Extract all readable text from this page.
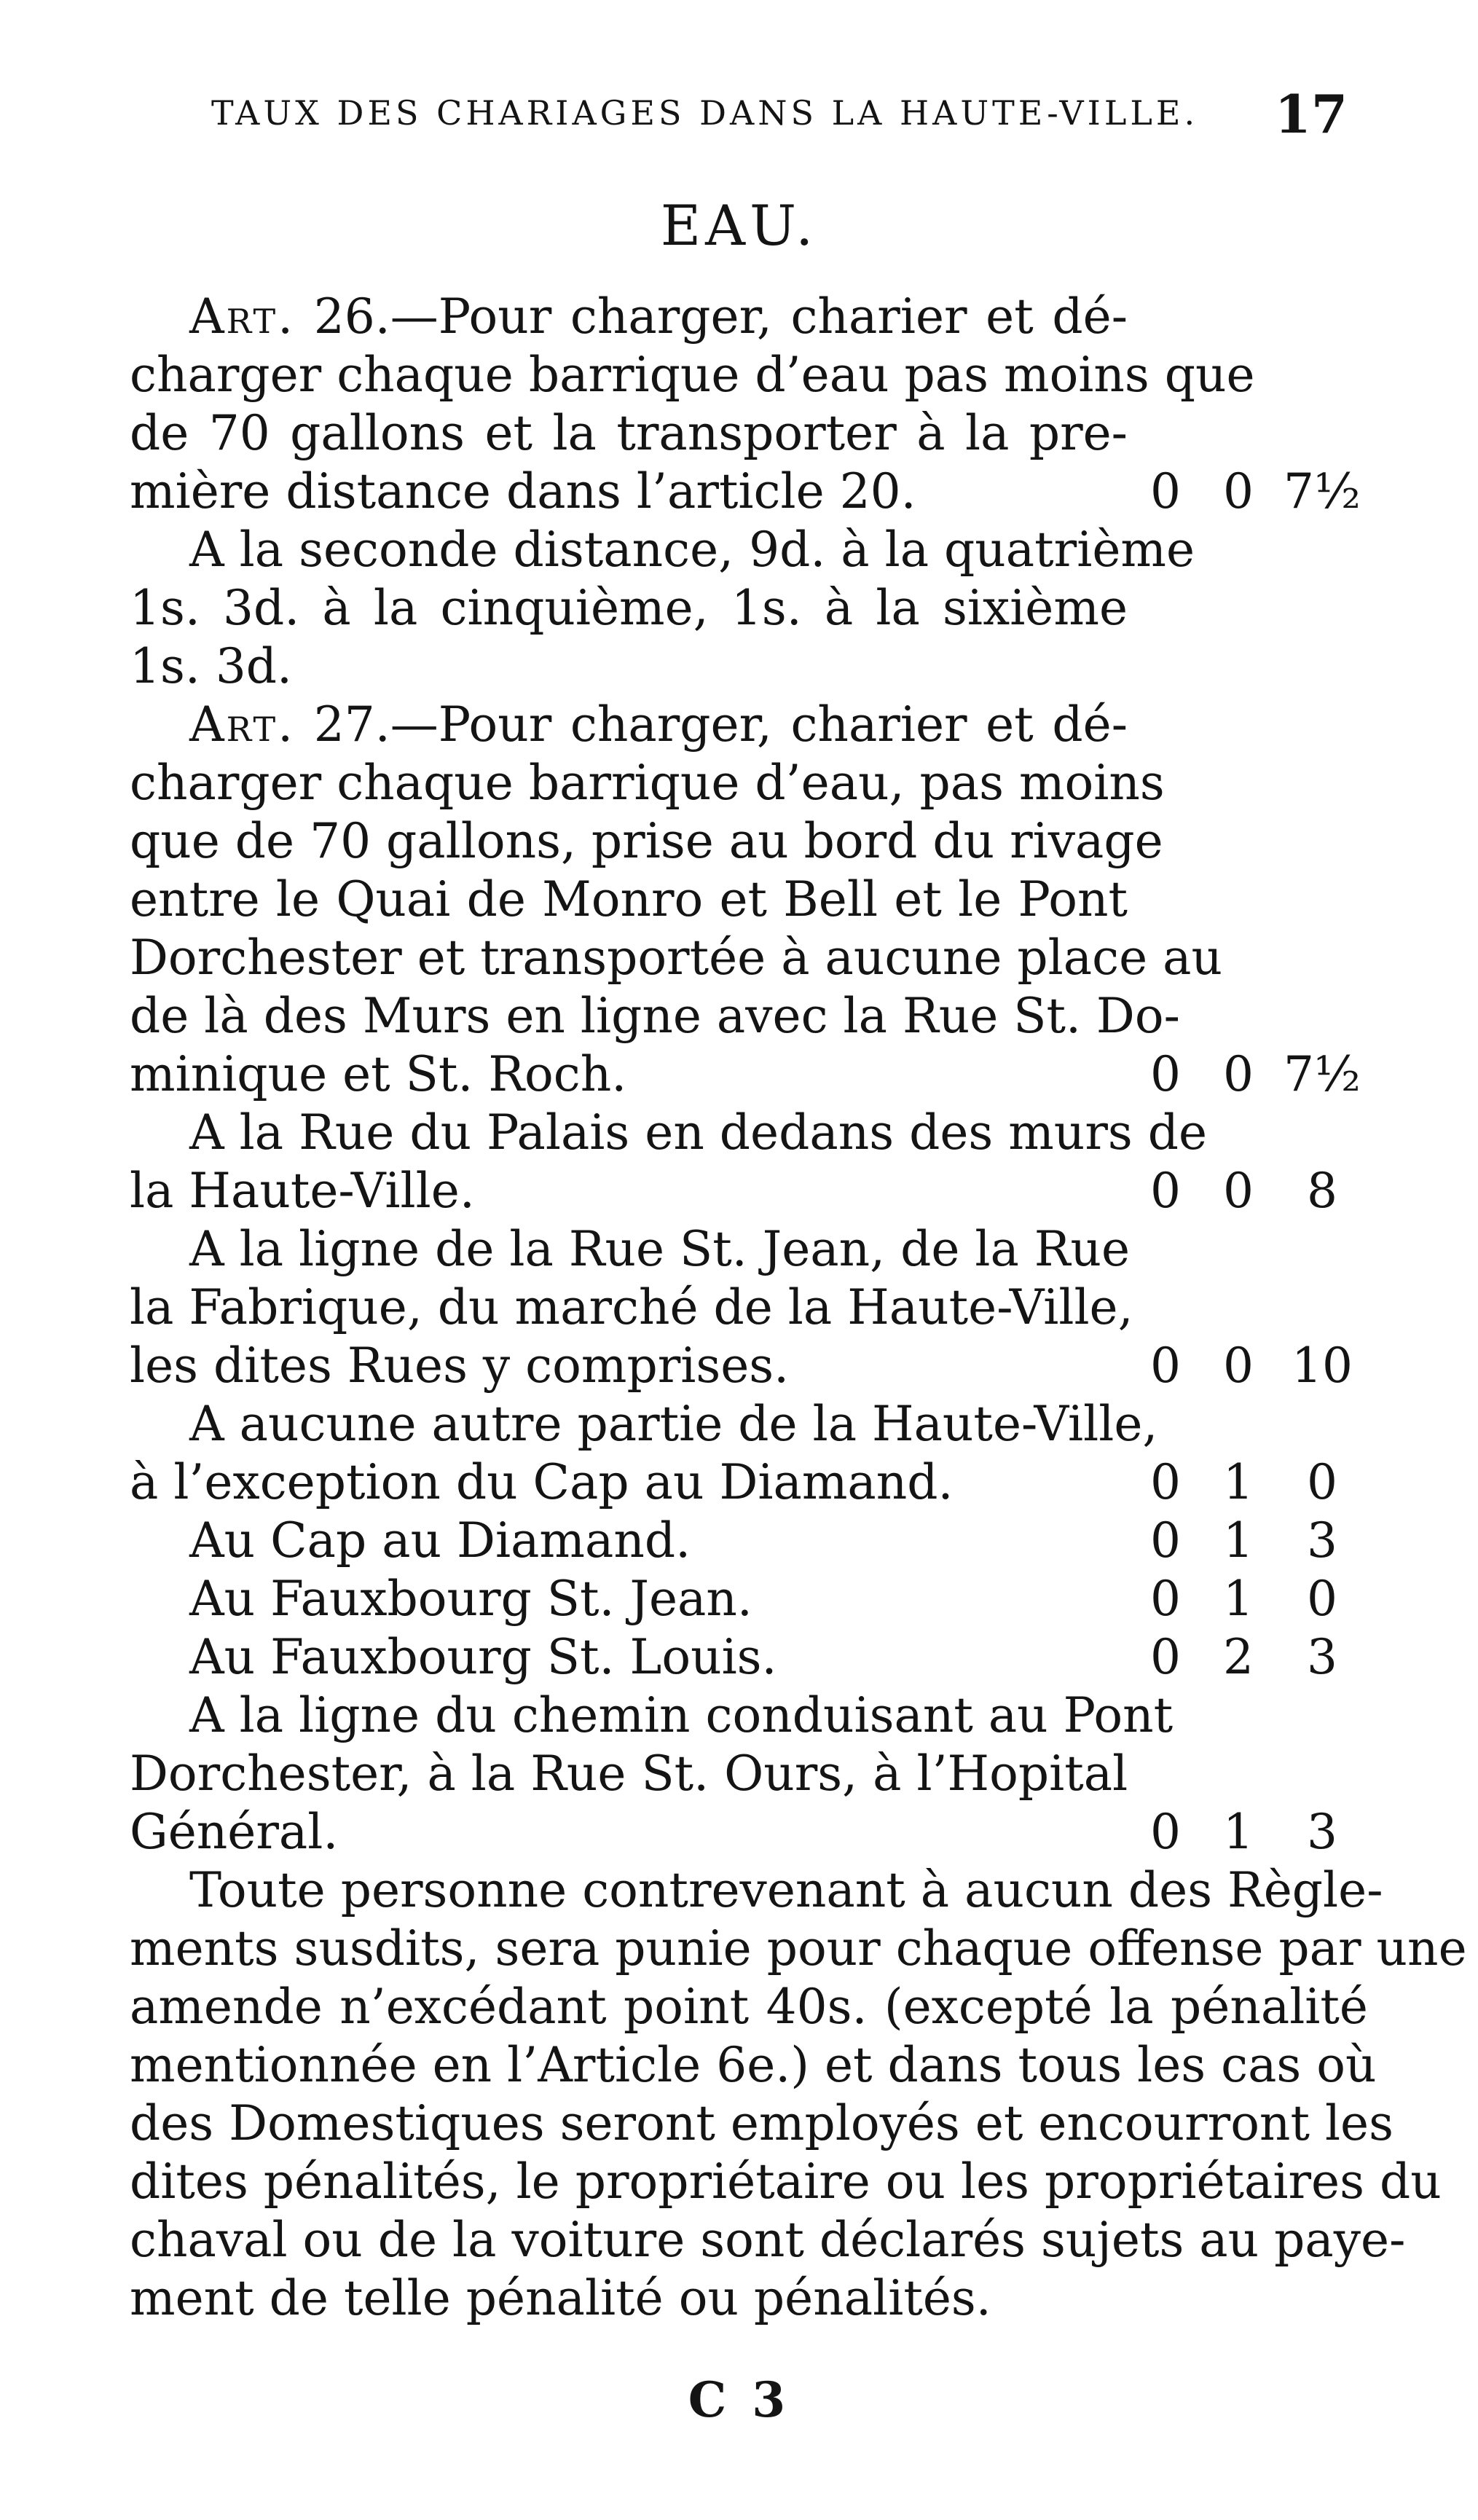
TAUX DES CHARIAGES DANS LA HAUTE-VILLE. 17
EAU.
Art. 26.—Pour charger, charier et dé-
charger chaque barrique d’eau pas moins que
de 70 gallons et la transporter à la pre-
mière distance dans l’article 20.	0 0 7½
A la seconde distance, 9d. à la quatrième
1s. 3d. à la cinquième, 1s. à la sixième
1s. 3d.
Art. 27.—Pour charger, charier et dé-
charger chaque barrique d’eau, pas moins
que de 70 gallons, prise au bord du rivage
entre le Quai de Monro et Bell et le Pont
Dorchester et transportée à aucune place au
de là des Murs en ligne avec la Rue St. Do-
minique et St. Roch.	0 0 7½
A la Rue du Palais en dedans des murs de
la Haute-Ville.	0 0	8
A la ligne de la Rue St. Jean, de la Rue
la Fabrique, du marché de la Haute-Ville,
les dites Rues y comprises.	0 0 10
A aucune autre partie de la Haute-Ville,
à l’exception du Cap au Diamand.	0 1	0
Au Cap au Diamand.	0 1	3
Au Fauxbourg St. Jean.	0 1	0
Au Fauxbourg St. Louis.	0 2	3
A la ligne du chemin conduisant au Pont
Dorchester, à la Rue St. Ours, à l’Hopital
Général.	0 1	3
Toute personne contrevenant à aucun des Règle-
ments susdits, sera punie pour chaque offense par une
amende n’excédant point 40s. (excepté la pénalité
mentionnée en l’Article 6e.) et dans tous les cas où
des Domestiques seront employés et encourront les
dites pénalités, le propriétaire ou les propriétaires du
chaval ou de la voiture sont déclarés sujets au paye-
ment de telle pénalité ou pénalités.
C 3
